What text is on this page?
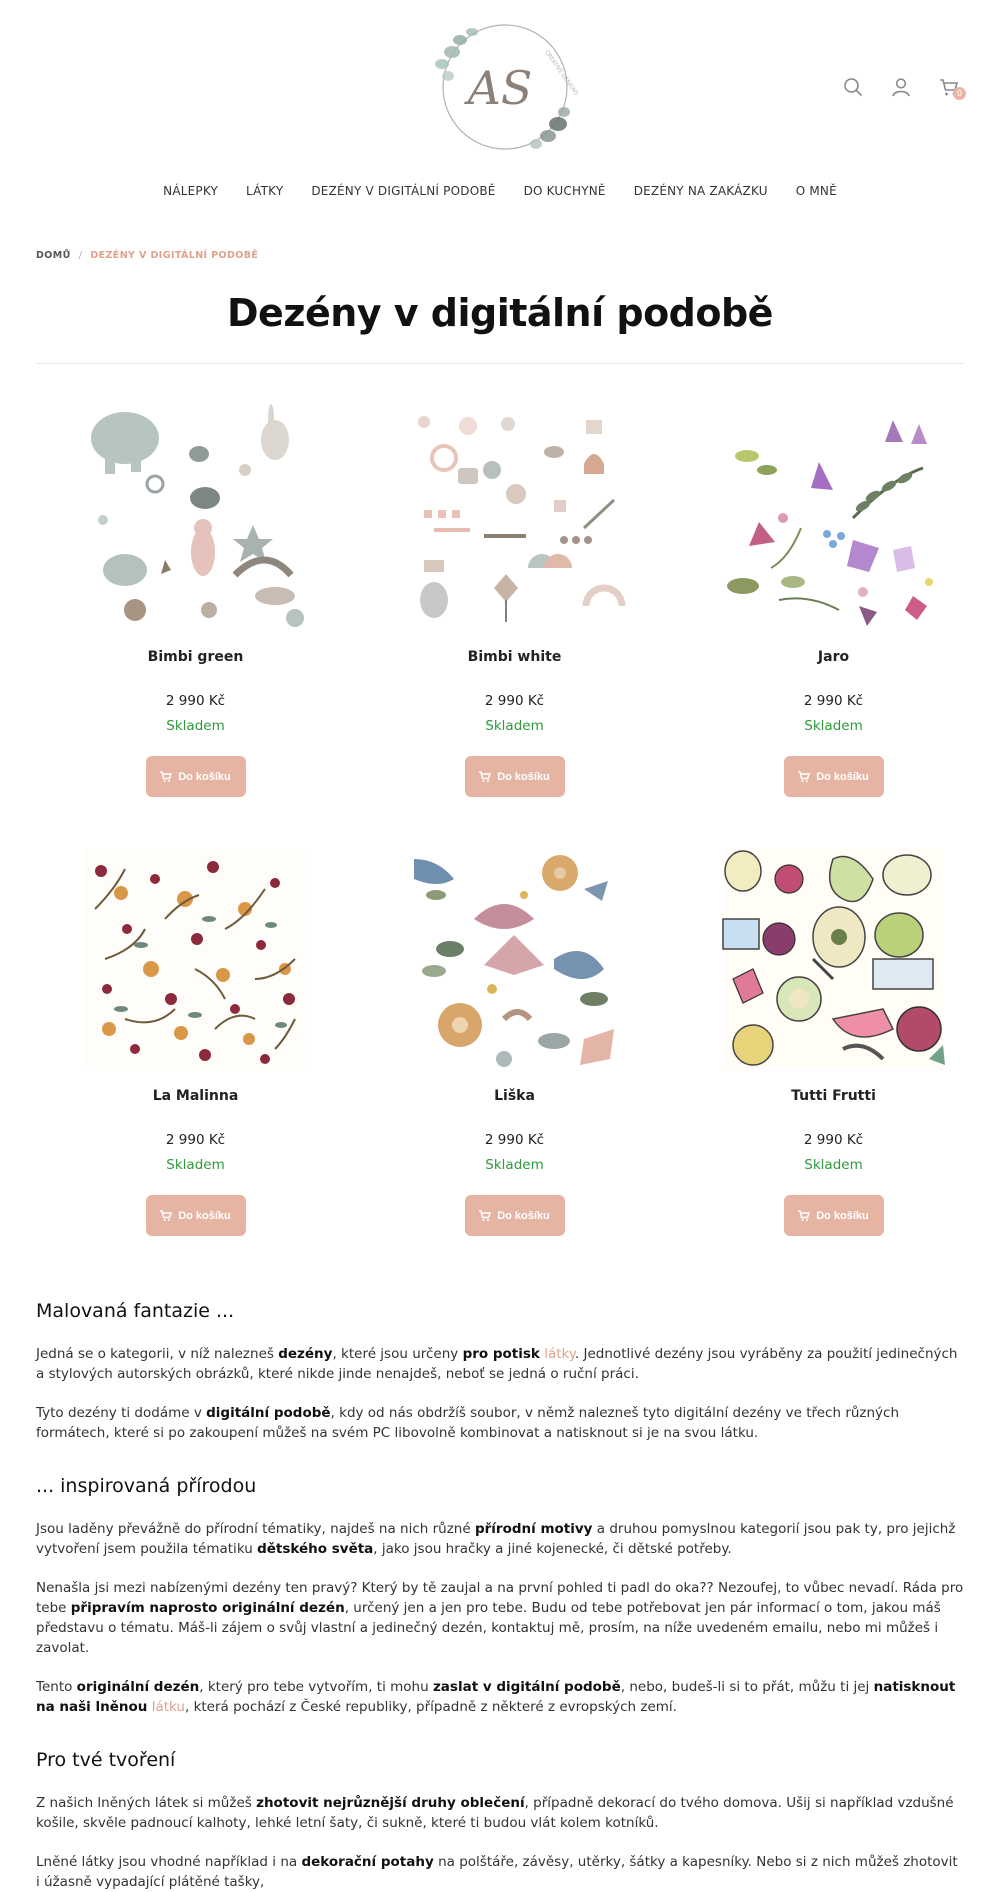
AS CREATIVE DESIGNS	0
NÁLEPKY LÁTKY DEZÉNY V DIGITÁLNÍ PODOBĚ DO KUCHYNĚ DEZÉNY NA ZAKÁZKU O MNĚ
DOMŮ / DEZÉNY V DIGITÁLNÍ PODOBĚ
Dezény v digitální podobě
Bimbi green
2 990 Kč
Skladem
Do košíku
Bimbi white
2 990 Kč
Skladem
Do košíku
Jaro
2 990 Kč
Skladem
Do košíku
La Malinna
2 990 Kč
Skladem
Do košíku
Liška
2 990 Kč
Skladem
Do košíku
Tutti Frutti
2 990 Kč
Skladem
Do košíku
Malovaná fantazie ...

Jedná se o kategorii, v níž nalezneš dezény, které jsou určeny pro potisk látky. Jednotlivé dezény jsou vyráběny za použití jedinečných a stylových autorských obrázků, které nikde jinde nenajdeš, neboť se jedná o ruční práci.

Tyto dezény ti dodáme v digitální podobě, kdy od nás obdržíš soubor, v němž nalezneš tyto digitální dezény ve třech různých formátech, které si po zakoupení můžeš na svém PC libovolně kombinovat a natisknout si je na svou látku.

... inspirovaná přírodou

Jsou laděny převážně do přírodní tématiky, najdeš na nich různé přírodní motivy a druhou pomyslnou kategorií jsou pak ty, pro jejichž vytvoření jsem použila tématiku dětského světa, jako jsou hračky a jiné kojenecké, či dětské potřeby.

Nenašla jsi mezi nabízenými dezény ten pravý? Který by tě zaujal a na první pohled ti padl do oka?? Nezoufej, to vůbec nevadí. Ráda pro tebe připravím naprosto originální dezén, určený jen a jen pro tebe. Budu od tebe potřebovat jen pár informací o tom, jakou máš představu o tématu. Máš-li zájem o svůj vlastní a jedinečný dezén, kontaktuj mě, prosím, na níže uvedeném emailu, nebo mi můžeš i zavolat.

Tento originální dezén, který pro tebe vytvořím, ti mohu zaslat v digitální podobě, nebo, budeš-li si to přát, můžu ti jej natisknout na naši lněnou látku, která pochází z České republiky, případně z některé z evropských zemí.

Pro tvé tvoření

Z našich lněných látek si můžeš zhotovit nejrůznější druhy oblečení, případně dekorací do tvého domova. Ušij si například vzdušné košile, skvěle padnoucí kalhoty, lehké letní šaty, či sukně, které ti budou vlát kolem kotníků.

Lněné látky jsou vhodné například i na dekorační potahy na polštáře, závěsy, utěrky, šátky a kapesníky. Nebo si z nich můžeš zhotovit i úžasně vypadající plátěné tašky,
